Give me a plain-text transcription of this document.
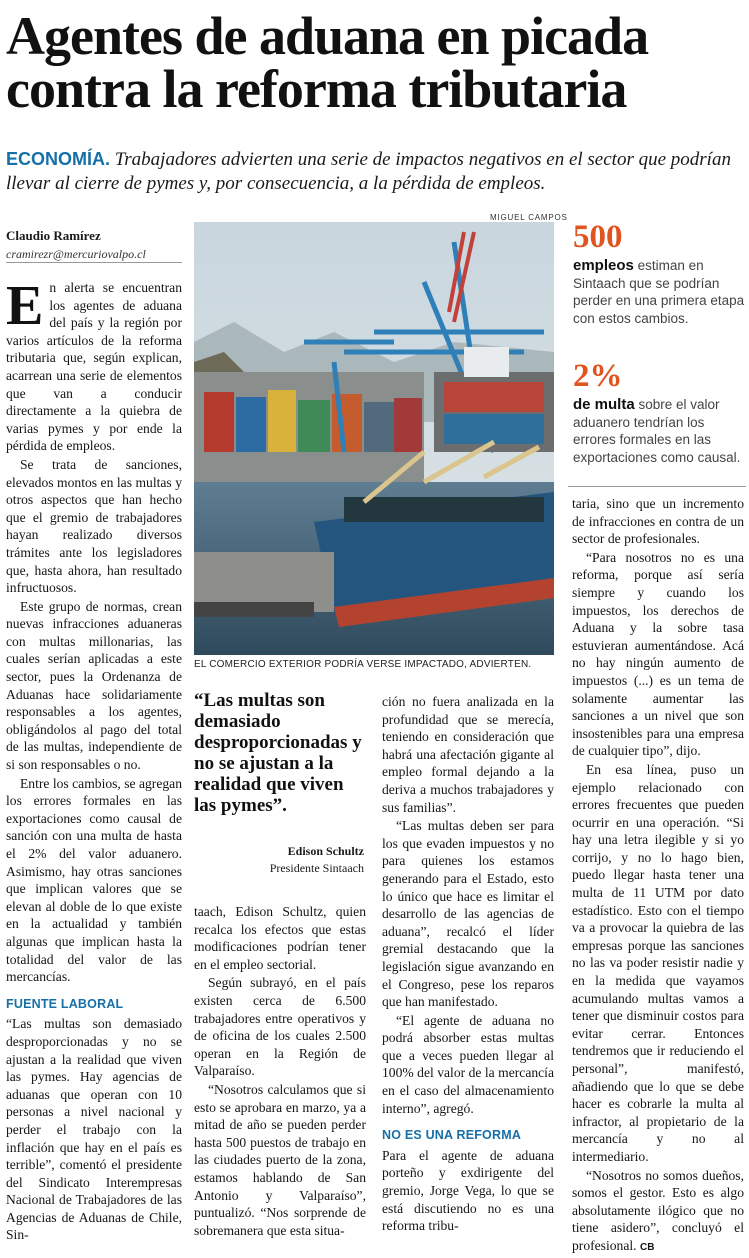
Agentes de aduana en picada
contra la reforma tributaria
ECONOMÍA. Trabajadores advierten una serie de impactos negativos en el sector que podrían llevar al cierre de pymes y, por consecuencia, a la pérdida de empleos.
Claudio Ramírez
cramirezr@mercuriovalpo.cl

En alerta se encuentran los agentes de aduana del país y la región por varios artículos de la reforma tributaria que, según explican, acarrean una serie de elementos que van a conducir directamente a la quiebra de varias pymes y por ende la pérdida de empleos.

Se trata de sanciones, elevados montos en las multas y otros aspectos que han hecho que el gremio de trabajadores hayan realizado diversos trámites ante los legisladores que, hasta ahora, han resultado infructuosos.

Este grupo de normas, crean nuevas infracciones aduaneras con multas millonarias, las cuales serían aplicadas a este sector, pues la Ordenanza de Aduanas hace solidariamente responsables a los agentes, obligándolos al pago del total de las multas, independiente de si son responsables o no.

Entre los cambios, se agregan los errores formales en las exportaciones como causal de sanción con una multa de hasta el 2% del valor aduanero. Asimismo, hay otras sanciones que implican valores que se elevan al doble de lo que existe en la actualidad y también algunas que implican hasta la totalidad del valor de las mercancías.

FUENTE LABORAL

“Las multas son demasiado desproporcionadas y no se ajustan a la realidad que viven las pymes. Hay agencias de aduanas que operan con 10 personas a nivel nacional y perder el trabajo con la inflación que hay en el país es terrible”, comentó el presidente del Sindicato Interempresas Nacional de Trabajadores de las Agencias de Aduanas de Chile, Sin-

MIGUEL CAMPOS
EL COMERCIO EXTERIOR PODRÍA VERSE IMPACTADO, ADVIERTEN.
500
empleos estiman en Sintaach que se podrían perder en una primera etapa con estos cambios.
2%
de multa sobre el valor aduanero tendrían los errores formales en las exportaciones como causal.
“Las multas son demasiado desproporcionadas y no se ajustan a la realidad que viven las pymes”.
Edison Schultz
Presidente Sintaach

taach, Edison Schultz, quien recalca los efectos que estas modificaciones podrían tener en el empleo sectorial.

Según subrayó, en el país existen cerca de 6.500 trabajadores entre operativos y de oficina de los cuales 2.500 operan en la Región de Valparaíso.

“Nosotros calculamos que si esto se aprobara en marzo, ya a mitad de año se pueden perder hasta 500 puestos de trabajo en las ciudades puerto de la zona, estamos hablando de San Antonio y Valparaíso”, puntualizó. “Nos sorprende de sobremanera que esta situa-

ción no fuera analizada en la profundidad que se merecía, teniendo en consideración que habrá una afectación gigante al empleo formal dejando a la deriva a muchos trabajadores y sus familias”.

“Las multas deben ser para los que evaden impuestos y no para quienes los estamos generando para el Estado, esto lo único que hace es limitar el desarrollo de las agencias de aduana”, recalcó el líder gremial destacando que la legislación sigue avanzando en el Congreso, pese los reparos que han manifestado.

“El agente de aduana no podrá absorber estas multas que a veces pueden llegar al 100% del valor de la mercancía en el caso del almacenamiento interno”, agregó.

NO ES UNA REFORMA

Para el agente de aduana porteño y exdirigente del gremio, Jorge Vega, lo que se está discutiendo no es una reforma tribu-

taria, sino que un incremento de infracciones en contra de un sector de profesionales.

“Para nosotros no es una reforma, porque así sería siempre y cuando los impuestos, los derechos de Aduana y la sobre tasa estuvieran aumentándose. Acá no hay ningún aumento de impuestos (...) es un tema de solamente aumentar las sanciones a un nivel que son insostenibles para una empresa de cualquier tipo”, dijo.

En esa línea, puso un ejemplo relacionado con errores frecuentes que pueden ocurrir en una operación. “Si hay una letra ilegible y si yo corrijo, y no lo hago bien, puedo llegar hasta tener una multa de 11 UTM por dato estadístico. Esto con el tiempo va a provocar la quiebra de las empresas porque las sanciones no las va poder resistir nadie y en la medida que vayamos acumulando multas vamos a tener que disminuir costos para evitar cerrar. Entonces tendremos que ir reduciendo el personal”, manifestó, añadiendo que lo que se debe hacer es cobrarle la multa al infractor, al propietario de la mercancía y no al intermediario.

“Nosotros no somos dueños, somos el gestor. Esto es algo absolutamente ilógico que no tiene asidero”, concluyó el profesional. CB
